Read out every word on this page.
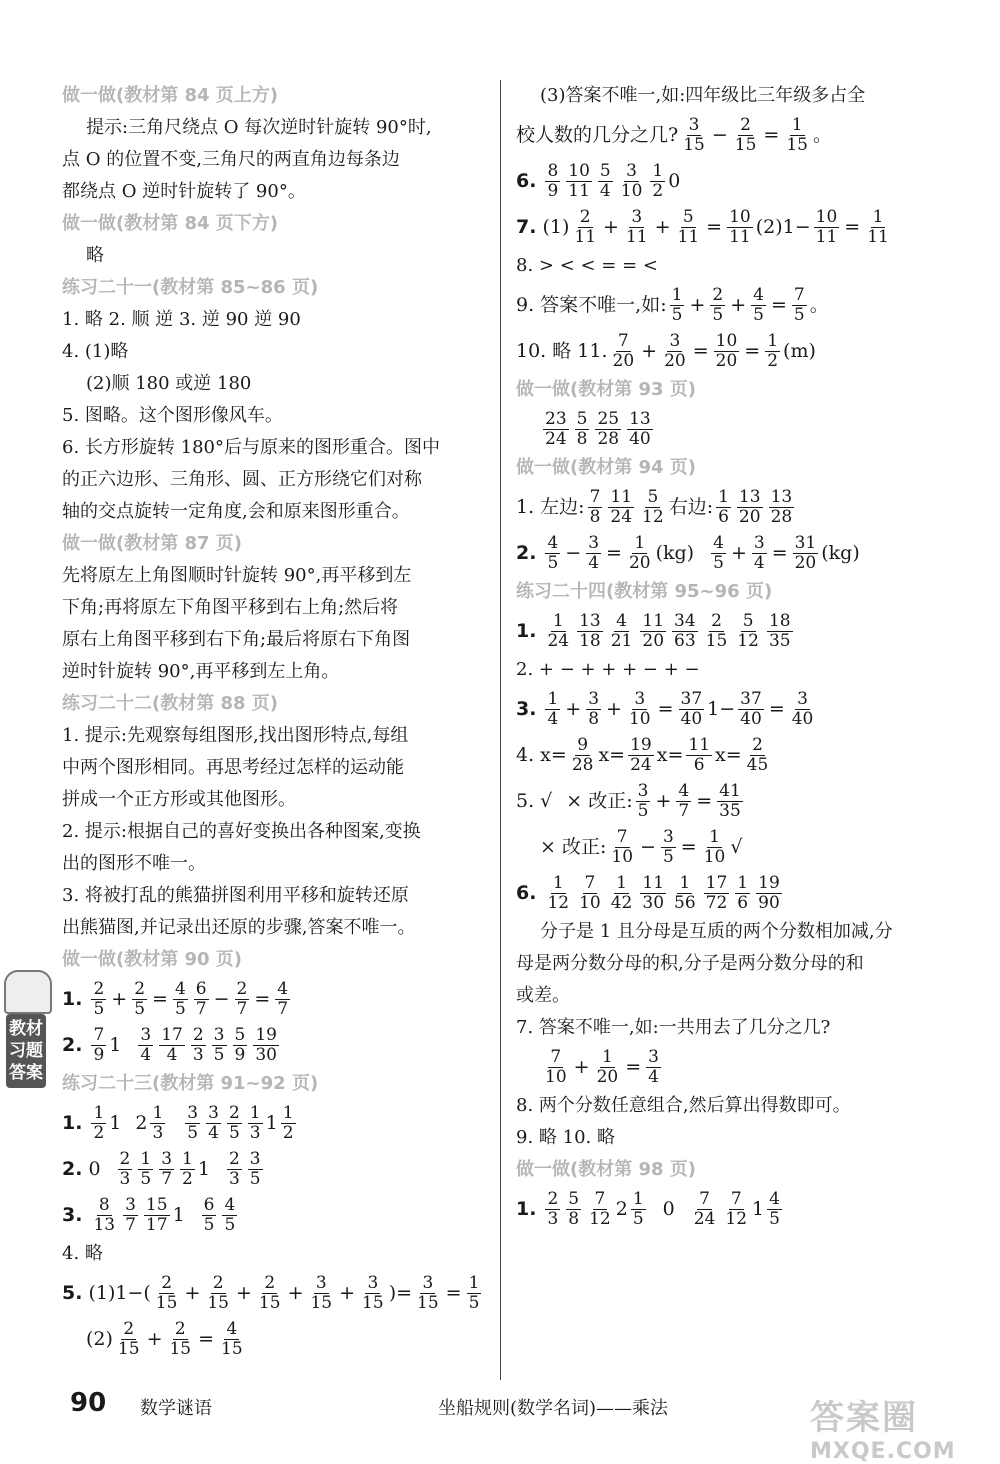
做一做(教材第 84 页上方)
提示:三角尺绕点 O 每次逆时针旋转 90°时,
点 O 的位置不变,三角尺的两直角边每条边
都绕点 O 逆时针旋转了 90°。
做一做(教材第 84 页下方)
略
练习二十一(教材第 85~86 页)
1. 略 2. 顺 逆 3. 逆 90 逆 90
4. (1)略
(2)顺 180 或逆 180
5. 图略。这个图形像风车。
6. 长方形旋转 180°后与原来的图形重合。图中
的正六边形、三角形、圆、正方形绕它们对称
轴的交点旋转一定角度,会和原来图形重合。
做一做(教材第 87 页)
先将原左上角图顺时针旋转 90°,再平移到左
下角;再将原左下角图平移到右上角;然后将
原右上角图平移到右下角;最后将原右下角图
逆时针旋转 90°,再平移到左上角。
练习二十二(教材第 88 页)
1. 提示:先观察每组图形,找出图形特点,每组
中两个图形相同。再思考经过怎样的运动能
拼成一个正方形或其他图形。
2. 提示:根据自己的喜好变换出各种图案,变换
出的图形不唯一。
3. 将被打乱的熊猫拼图利用平移和旋转还原
出熊猫图,并记录出还原的步骤,答案不唯一。
做一做(教材第 90 页)
1. $\frac{2}{5} + \frac{2}{5} = \frac{4}{5} \frac{6}{7} - \frac{2}{7} = \frac{4}{7}$
2. $\frac{7}{9} 1 \frac{3}{4} \frac{17}{4} \frac{2}{3} \frac{3}{5} \frac{5}{9} \frac{19}{30}$
练习二十三(教材第 91~92 页)
1. $\frac{1}{2} 1$ $2 \frac{1}{3} \frac{3}{5} \frac{3}{4} \frac{2}{5} \frac{1}{3} 1 \frac{1}{2}$
2. $0 \frac{2}{3} \frac{1}{5} \frac{3}{7} \frac{1}{2} 1 \frac{2}{3} \frac{3}{5}$
3. $\frac{8}{13} \frac{3}{7} \frac{15}{17} 1 \frac{6}{5} \frac{4}{5}$
4. 略
5. $(1)1-( \frac{2}{15} + \frac{2}{15} + \frac{2}{15} + \frac{3}{15} + \frac{3}{15}$ )= $\frac{3}{15} = \frac{1}{5}$
$(2) \frac{2}{15} + \frac{2}{15} = \frac{4}{15}$
(3)答案不唯一,如:四年级比三年级多占全
校人数的几分之几? $\frac{3}{15} - \frac{2}{15} = \frac{1}{15}$ 。
6. $\frac{8}{9} \frac{10}{11} \frac{5}{4} \frac{3}{10} \frac{1}{2} 0$
7. $(1) \frac{2}{11} + \frac{3}{11} + \frac{5}{11} = \frac{10}{11} (2)1- \frac{10}{11} = \frac{1}{11}$
8. > < < = = <
9. 答案不唯一,如: $\frac{1}{5} + \frac{2}{5} + \frac{4}{5} = \frac{7}{5}$ 。
10. 略 11. $\frac{7}{20} + \frac{3}{20} = \frac{10}{20} = \frac{1}{2} (m)$
做一做(教材第 93 页)
$\frac{23}{24} \frac{5}{8} \frac{25}{28} \frac{13}{40}$
做一做(教材第 94 页)
1. 左边: $\frac{7}{8} \frac{11}{24} \frac{5}{12}$ 右边: $\frac{1}{6} \frac{13}{20} \frac{13}{28}$
2. $\frac{4}{5} - \frac{3}{4} = \frac{1}{20} (kg) \frac{4}{5} + \frac{3}{4} = \frac{31}{20} (kg)$
练习二十四(教材第 95~96 页)
1. $\frac{1}{24} \frac{13}{18} \frac{4}{21} \frac{11}{20} \frac{34}{63} \frac{2}{15} \frac{5}{12} \frac{18}{35}$
2. + − + + + − + −
3. $\frac{1}{4} + \frac{3}{8} + \frac{3}{10} = \frac{37}{40} 1- \frac{37}{40} = \frac{3}{40}$
4. $x= \frac{9}{28} x= \frac{19}{24} x= \frac{11}{6} x= \frac{2}{45}$
5. √ × 改正: $\frac{3}{5} + \frac{4}{7} = \frac{41}{35}$
× 改正: $\frac{7}{10} - \frac{3}{5} = \frac{1}{10}$ √
6. $\frac{1}{12} \frac{7}{10} \frac{1}{42} \frac{11}{30} \frac{1}{56} \frac{17}{72} \frac{1}{6} \frac{19}{90}$
分子是 1 且分母是互质的两个分数相加减,分
母是两分数分母的积,分子是两分数分母的和
或差。
7. 答案不唯一,如:一共用去了几分之几?
$\frac{7}{10} + \frac{1}{20} = \frac{3}{4}$
8. 两个分数任意组合,然后算出得数即可。
9. 略 10. 略
做一做(教材第 98 页)
1. $\frac{2}{3} \frac{5}{8} \frac{7}{12} 2 \frac{1}{5} 0 \frac{7}{24} \frac{7}{12} 1 \frac{4}{5}$
教材习题答案
90 数学谜语	坐船规则(数学名词)——乘法	答案圈
MXQE.COM
